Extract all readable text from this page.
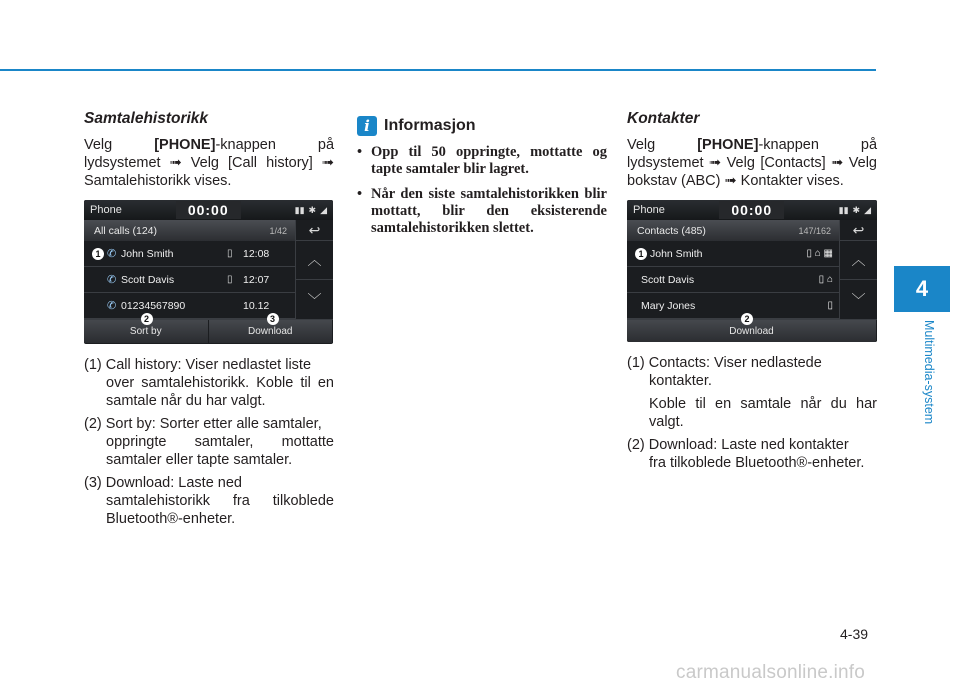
Samtalehistorikk

Velg [PHONE]-knappen på lydsystemet ➟ Velg [Call history] ➟ Samtalehistorikk vises.

Phone	00:00	▮▮ ✱ ◢
All calls (124)	1/42
1 ✆ John Smith	▯ 12:08
✆ Scott Davis	▯ 12:07
✆ 01234567890	10.12
↩
︿
﹀
2
Sort by
3
Download
(1) Call history: Viser nedlastet liste
over samtalehistorikk. Koble til en samtale når du har valgt.
(2) Sort by: Sorter etter alle samtaler,
oppringte samtaler, mottatte samtaler eller tapte samtaler.
(3) Download: Laste ned
samtalehistorikk fra tilkoblede Bluetooth®-enheter.
i Informasjon
• Opp til 50 oppringte, mottatte og tapte samtaler blir lagret.
• Når den siste samtalehistorikken blir mottatt, blir den eksisterende samtalehistorikken slettet.
Kontakter

Velg [PHONE]-knappen på lydsystemet ➟ Velg [Contacts] ➟ Velg bokstav (ABC) ➟ Kontakter vises.

Phone	00:00	▮▮ ✱ ◢
Contacts (485)	147/162
1 John Smith	▯ ⌂ ▦
Scott Davis	▯ ⌂
Mary Jones	▯
↩
︿
﹀
2
Download
(1) Contacts: Viser nedlastede
kontakter.
Koble til en samtale når du har valgt.
(2) Download: Laste ned kontakter
fra tilkoblede Bluetooth®-enheter.
4
Multimedia-system
4-39
carmanualsonline.info
